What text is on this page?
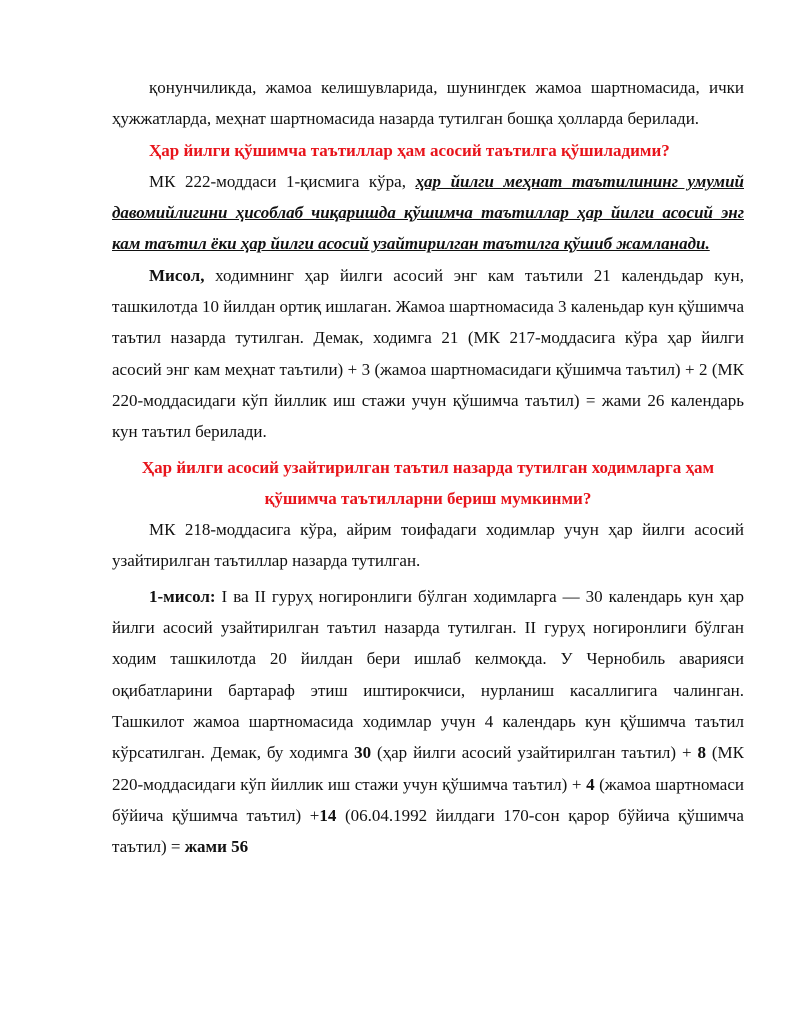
қонунчиликда, жамоа келишувларида, шунингдек жамоа шартномасида, ички ҳужжатларда, меҳнат шартномасида назарда тутилган бошқа ҳолларда берилади.

Ҳар йилги қўшимча таътиллар ҳам асосий таътилга қўшиладими?

МК 222-моддаси 1-қисмига кўра, ҳар йилги меҳнат таътилининг умумий давомийлигини ҳисоблаб чиқаришда қўшимча таътиллар ҳар йилги асосий энг кам таътил ёки ҳар йилги асосий узайтирилган таътилга қўшиб жамланади.

Мисол, ходимнинг ҳар йилги асосий энг кам таътили 21 календьдар кун, ташкилотда 10 йилдан ортиқ ишлаган. Жамоа шартномасида 3 каленьдар кун қўшимча таътил назарда тутилган. Демак, ходимга 21 (МК 217-моддасига кўра ҳар йилги асосий энг кам меҳнат таътили) + 3 (жамоа шартномасидаги қўшимча таътил) + 2 (МК 220-моддасидаги кўп йиллик иш стажи учун қўшимча таътил) = жами 26 календарь кун таътил берилади.

Ҳар йилги асосий узайтирилган таътил назарда тутилган ходимларга ҳам қўшимча таътилларни бериш мумкинми?

МК 218-моддасига кўра, айрим тоифадаги ходимлар учун ҳар йилги асосий узайтирилган таътиллар назарда тутилган.

1-мисол: I ва II гуруҳ ногиронлиги бўлган ходимларга — 30 календарь кун ҳар йилги асосий узайтирилган таътил назарда тутилган. II гуруҳ ногиронлиги бўлган ходим ташкилотда 20 йилдан бери ишлаб келмоқда. У Чернобиль аварияси оқибатларини бартараф этиш иштирокчиси, нурланиш касаллигига чалинган. Ташкилот жамоа шартномасида ходимлар учун 4 календарь кун қўшимча таътил кўрсатилган. Демак, бу ходимга 30 (ҳар йилги асосий узайтирилган таътил) + 8 (МК 220-моддасидаги кўп йиллик иш стажи учун қўшимча таътил) + 4 (жамоа шартномаси бўйича қўшимча таътил) +14 (06.04.1992 йилдаги 170-сон қарор бўйича қўшимча таътил) = жами 56
